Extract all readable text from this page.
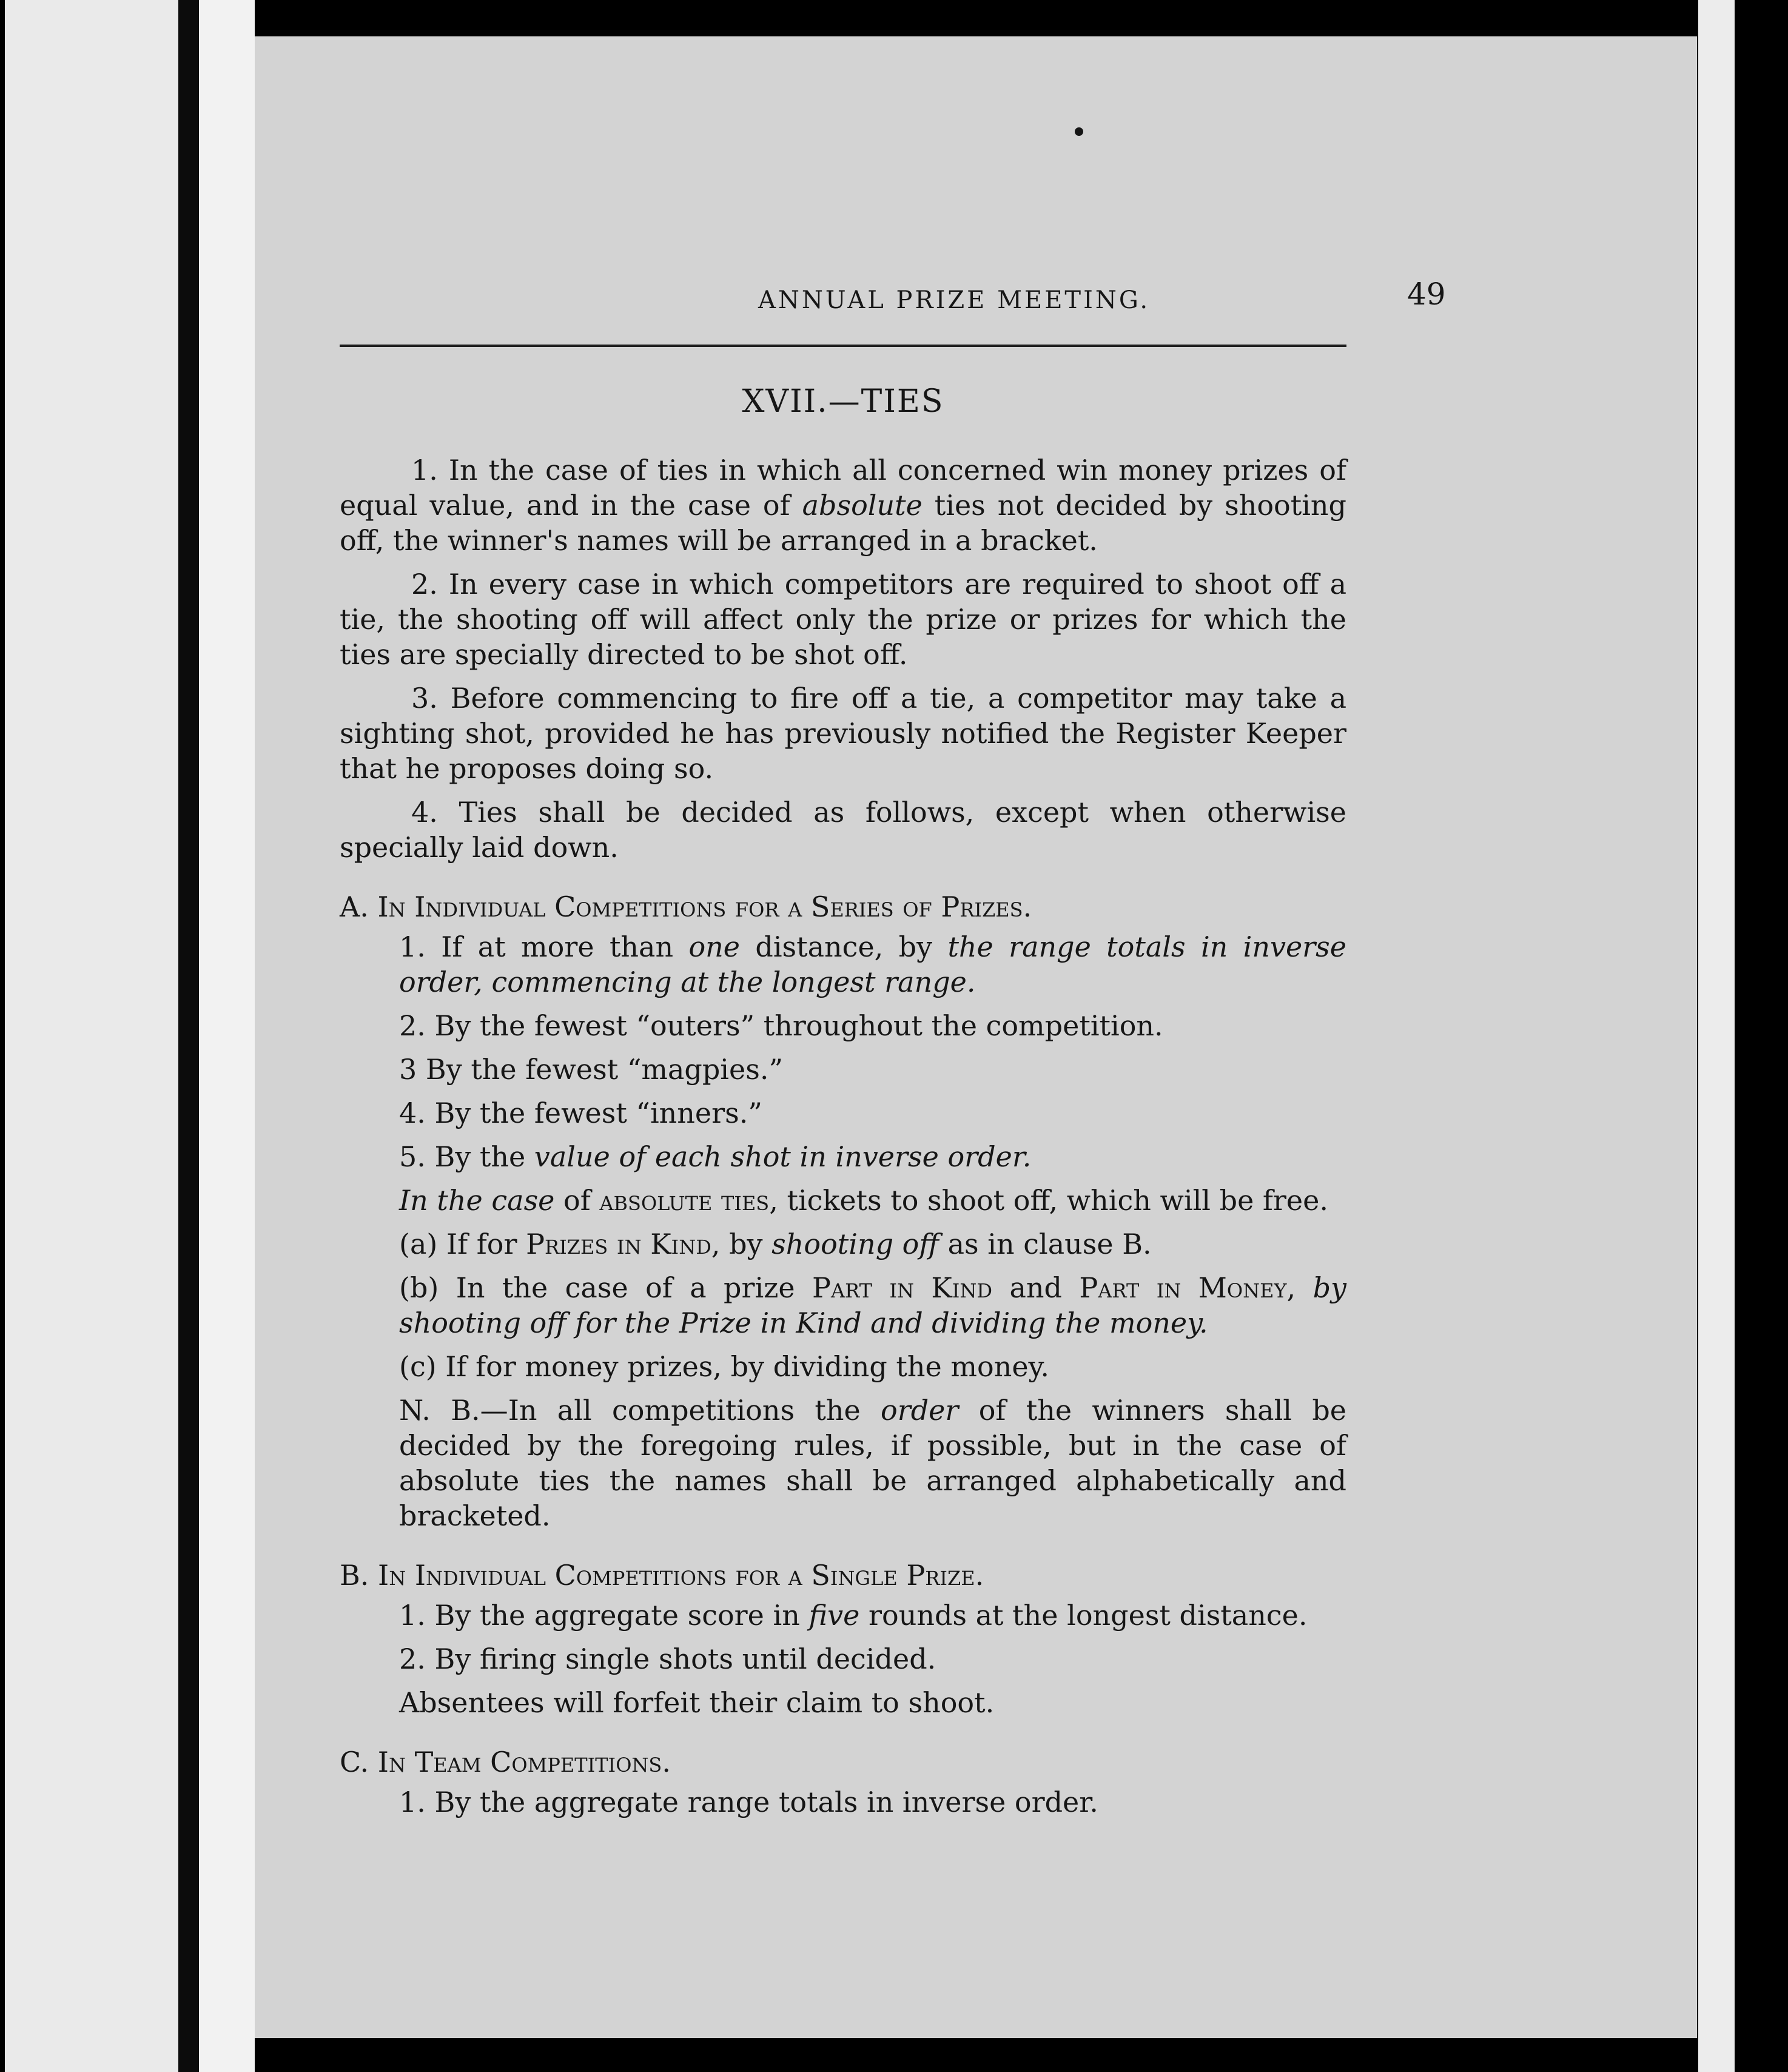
ANNUAL PRIZE MEETING.	49
XVII.—TIES

1. In the case of ties in which all concerned win money prizes of equal value, and in the case of absolute ties not decided by shooting off, the winner's names will be arranged in a bracket.

2. In every case in which competitors are required to shoot off a tie, the shooting off will affect only the prize or prizes for which the ties are specially directed to be shot off.

3. Before commencing to fire off a tie, a competitor may take a sighting shot, provided he has previously notified the Register Keeper that he proposes doing so.

4. Ties shall be decided as follows, except when otherwise specially laid down.

A. In Individual Competitions for a Series of Prizes.

1. If at more than one distance, by the range totals in inverse order, commencing at the longest range.

2. By the fewest “outers” throughout the competition.

3 By the fewest “magpies.”

4. By the fewest “inners.”

5. By the value of each shot in inverse order.

In the case of absolute ties, tickets to shoot off, which will be free.

(a) If for Prizes in Kind, by shooting off as in clause B.

(b) In the case of a prize Part in Kind and Part in Money, by shooting off for the Prize in Kind and dividing the money.

(c) If for money prizes, by dividing the money.

N. B.—In all competitions the order of the winners shall be decided by the foregoing rules, if possible, but in the case of absolute ties the names shall be arranged alphabetically and bracketed.

B. In Individual Competitions for a Single Prize.

1. By the aggregate score in five rounds at the longest distance.

2. By firing single shots until decided.

Absentees will forfeit their claim to shoot.

C. In Team Competitions.

1. By the aggregate range totals in inverse order.
